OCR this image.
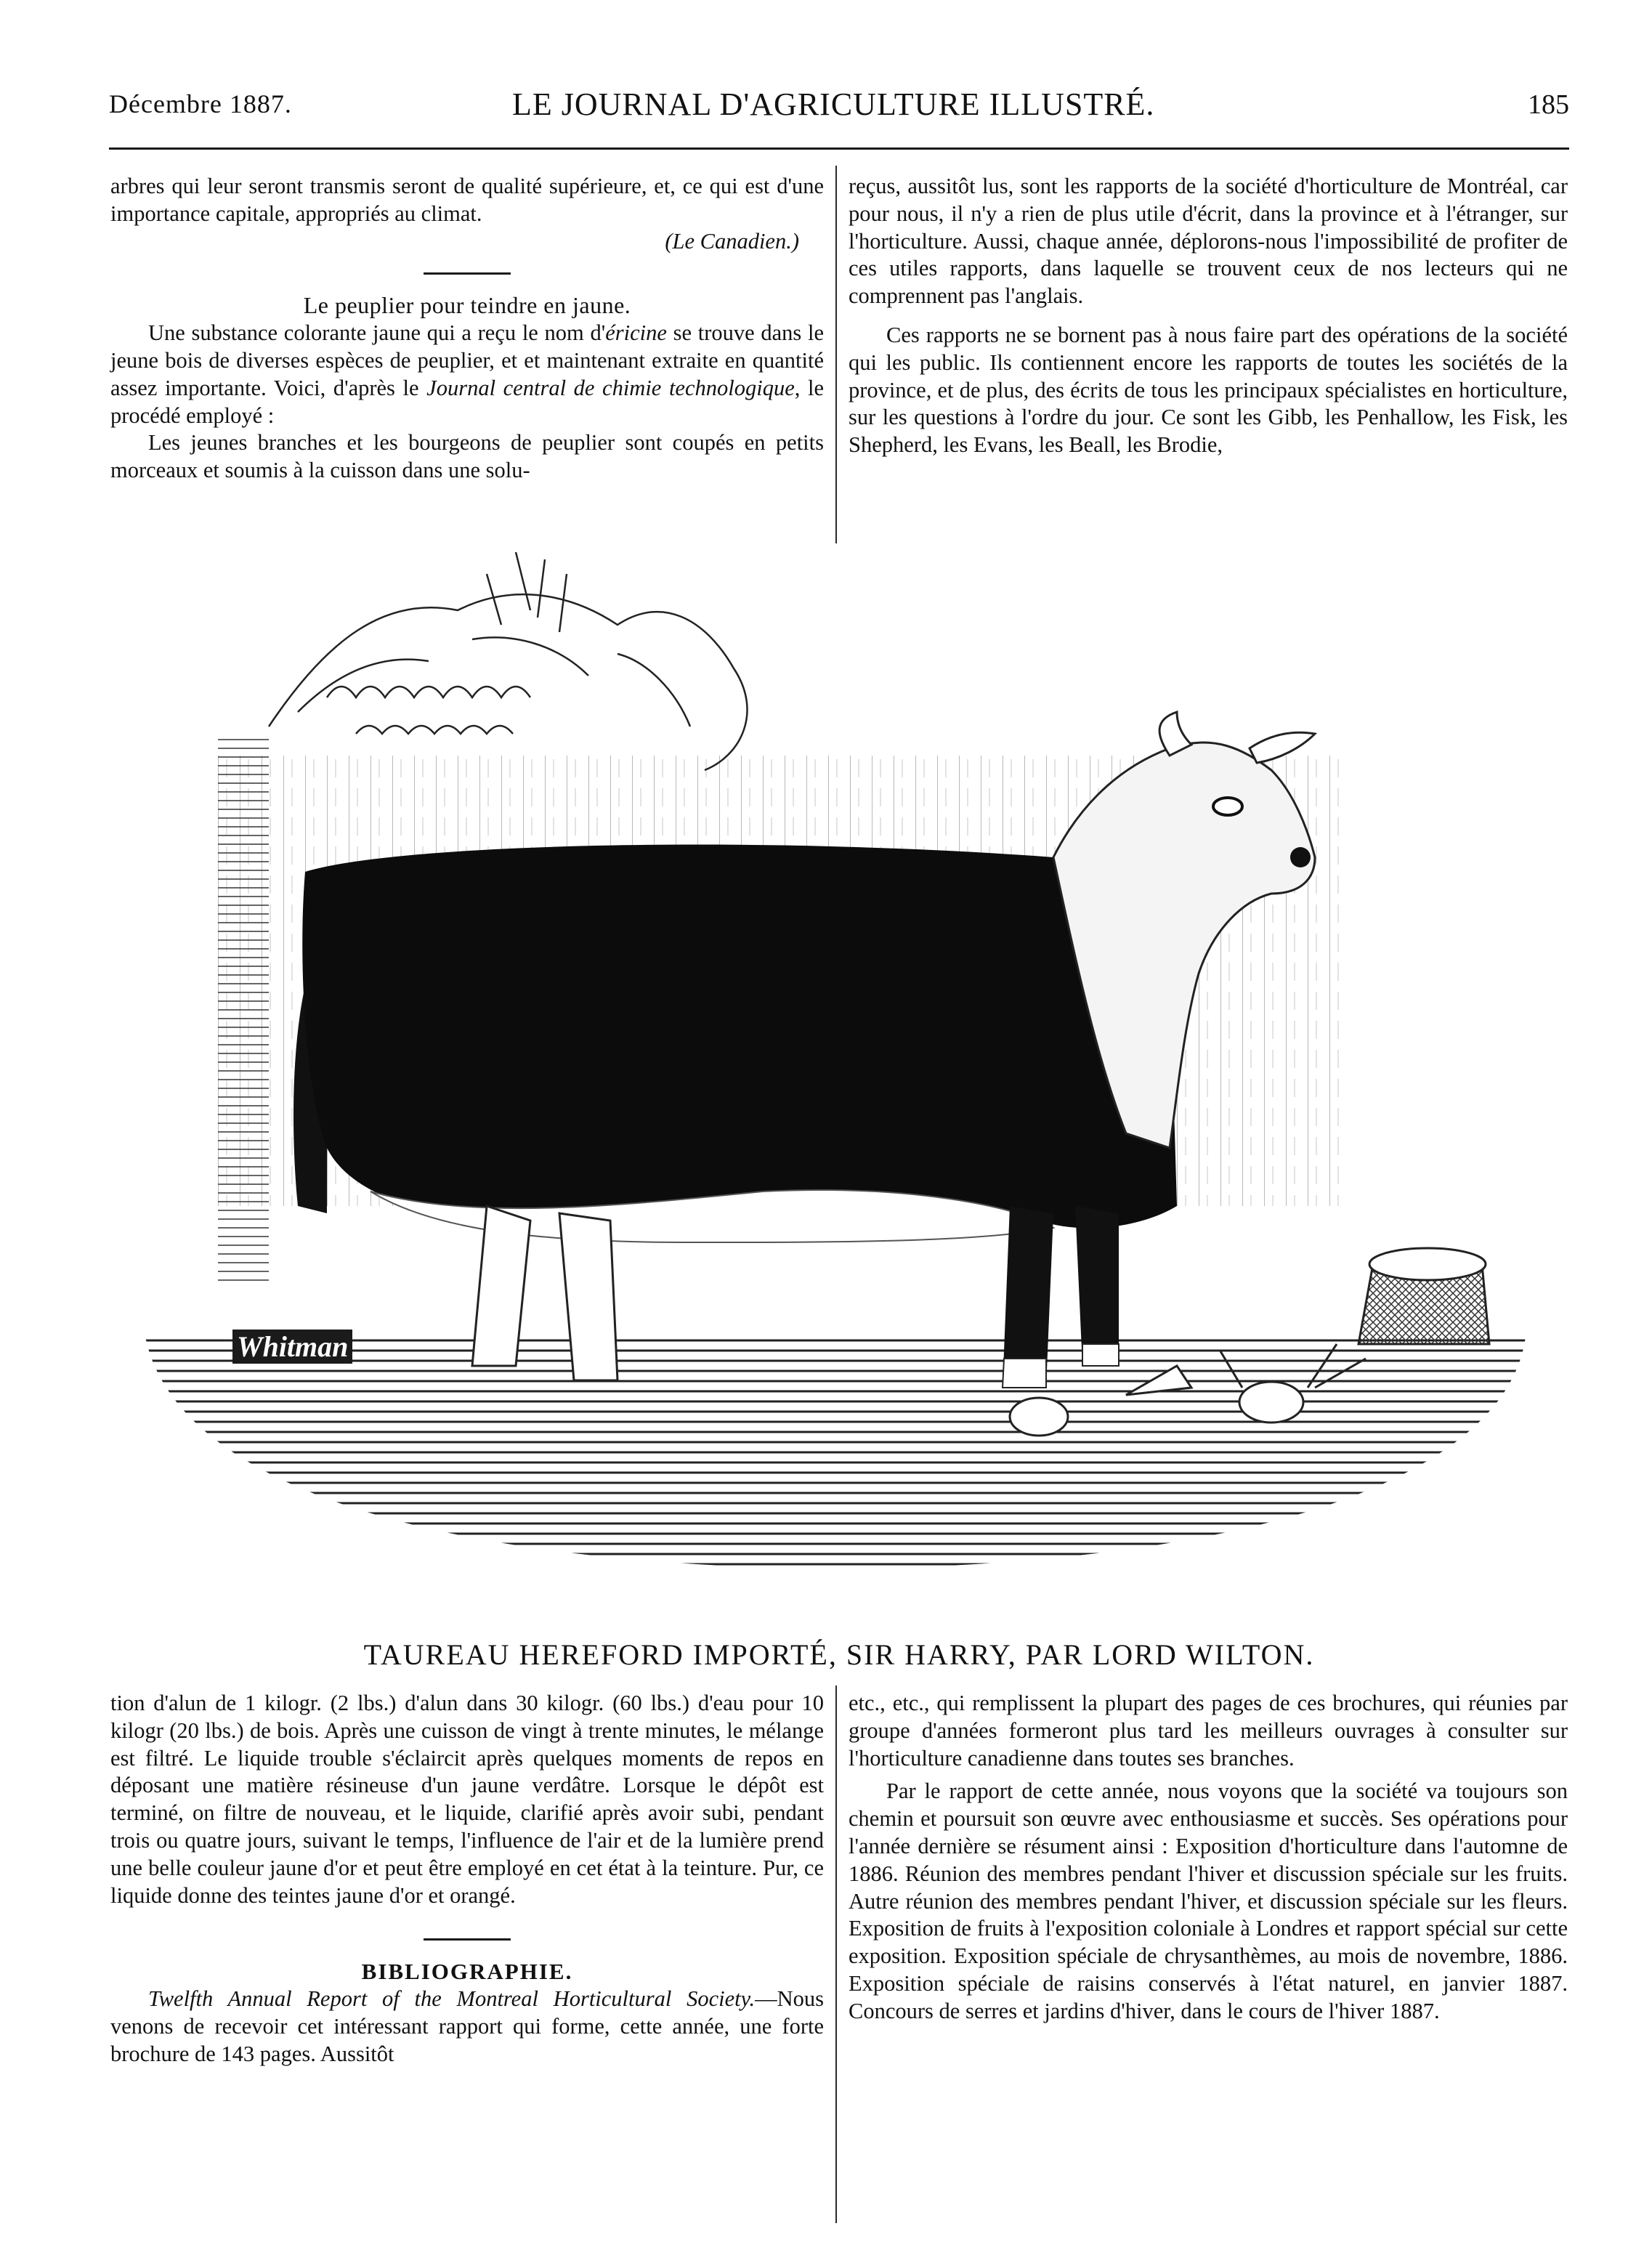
Décembre 1887.	LE JOURNAL D'AGRICULTURE ILLUSTRÉ.	185

arbres qui leur seront transmis seront de qualité supérieure, et, ce qui est d'une importance capitale, appropriés au climat.

(Le Canadien.)

Le peuplier pour teindre en jaune.

Une substance colorante jaune qui a reçu le nom d'éricine se trouve dans le jeune bois de diverses espèces de peuplier, et et maintenant extraite en quantité assez importante. Voici, d'après le Journal central de chimie technologique, le procédé employé :

Les jeunes branches et les bourgeons de peuplier sont coupés en petits morceaux et soumis à la cuisson dans une solu-

reçus, aussitôt lus, sont les rapports de la société d'horticulture de Montréal, car pour nous, il n'y a rien de plus utile d'écrit, dans la province et à l'étranger, sur l'horticulture. Aussi, chaque année, déplorons-nous l'impossibilité de profiter de ces utiles rapports, dans laquelle se trouvent ceux de nos lecteurs qui ne comprennent pas l'anglais.

Ces rapports ne se bornent pas à nous faire part des opérations de la société qui les public. Ils contiennent encore les rapports de toutes les sociétés de la province, et de plus, des écrits de tous les principaux spécialistes en horticulture, sur les questions à l'ordre du jour. Ce sont les Gibb, les Penhallow, les Fisk, les Shepherd, les Evans, les Beall, les Brodie,

Whitman
TAUREAU HEREFORD IMPORTÉ, SIR HARRY, PAR LORD WILTON.

tion d'alun de 1 kilogr. (2 lbs.) d'alun dans 30 kilogr. (60 lbs.) d'eau pour 10 kilogr (20 lbs.) de bois. Après une cuisson de vingt à trente minutes, le mélange est filtré. Le liquide trouble s'éclaircit après quelques moments de repos en déposant une matière résineuse d'un jaune verdâtre. Lorsque le dépôt est terminé, on filtre de nouveau, et le liquide, clarifié après avoir subi, pendant trois ou quatre jours, suivant le temps, l'influence de l'air et de la lumière prend une belle couleur jaune d'or et peut être employé en cet état à la teinture. Pur, ce liquide donne des teintes jaune d'or et orangé.

BIBLIOGRAPHIE.

Twelfth Annual Report of the Montreal Horticultural Society.—Nous venons de recevoir cet intéressant rapport qui forme, cette année, une forte brochure de 143 pages. Aussitôt

etc., etc., qui remplissent la plupart des pages de ces brochures, qui réunies par groupe d'années formeront plus tard les meilleurs ouvrages à consulter sur l'horticulture canadienne dans toutes ses branches.

Par le rapport de cette année, nous voyons que la société va toujours son chemin et poursuit son œuvre avec enthousiasme et succès. Ses opérations pour l'année dernière se résument ainsi : Exposition d'horticulture dans l'automne de 1886. Réunion des membres pendant l'hiver et discussion spéciale sur les fruits. Autre réunion des membres pendant l'hiver, et discussion spéciale sur les fleurs. Exposition de fruits à l'exposition coloniale à Londres et rapport spécial sur cette exposition. Exposition spéciale de chrysanthèmes, au mois de novembre, 1886. Exposition spéciale de raisins conservés à l'état naturel, en janvier 1887. Concours de serres et jardins d'hiver, dans le cours de l'hiver 1887.
